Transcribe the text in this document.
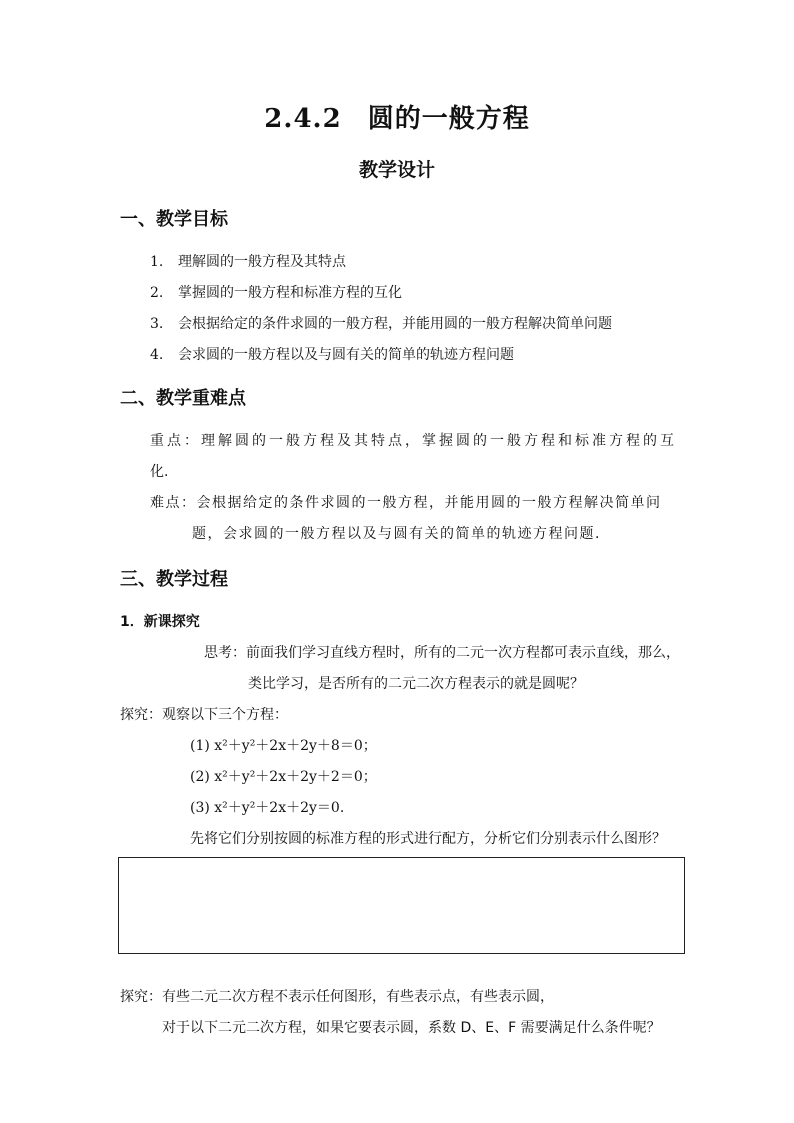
2.4.2 圆的一般方程
教学设计
一、教学目标
1. 理解圆的一般方程及其特点
2. 掌握圆的一般方程和标准方程的互化
3. 会根据给定的条件求圆的一般方程，并能用圆的一般方程解决简单问题
4. 会求圆的一般方程以及与圆有关的简单的轨迹方程问题
二、教学重难点
重点：理解圆的一般方程及其特点，掌握圆的一般方程和标准方程的互
化.
难点：会根据给定的条件求圆的一般方程，并能用圆的一般方程解决简单问
题，会求圆的一般方程以及与圆有关的简单的轨迹方程问题.
三、教学过程
1．新课探究
思考：前面我们学习直线方程时，所有的二元一次方程都可表示直线，那么，
类比学习，是否所有的二元二次方程表示的就是圆呢？
探究：观察以下三个方程：
(1) x²＋y²＋2x＋2y＋8＝0；
(2) x²＋y²＋2x＋2y＋2＝0；
(3) x²＋y²＋2x＋2y＝0.
先将它们分别按圆的标准方程的形式进行配方，分析它们分别表示什么图形？
探究：有些二元二次方程不表示任何图形，有些表示点，有些表示圆，
对于以下二元二次方程，如果它要表示圆，系数 D、E、F 需要满足什么条件呢？
